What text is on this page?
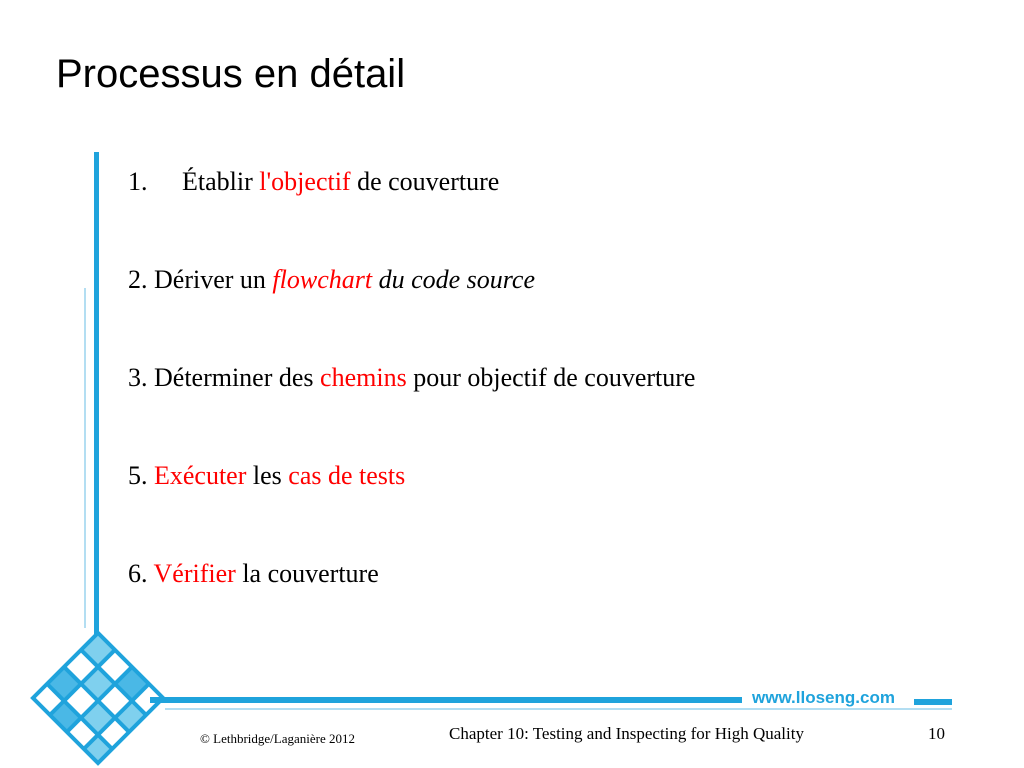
Processus en détail
1. Établir l'objectif de couverture
2. Dériver un flowchart du code source
3. Déterminer des chemins pour objectif de couverture
5. Exécuter les cas de tests
6. Vérifier la couverture
www.lloseng.com
© Lethbridge/Laganière 2012	Chapter 10: Testing and Inspecting for High Quality	10
